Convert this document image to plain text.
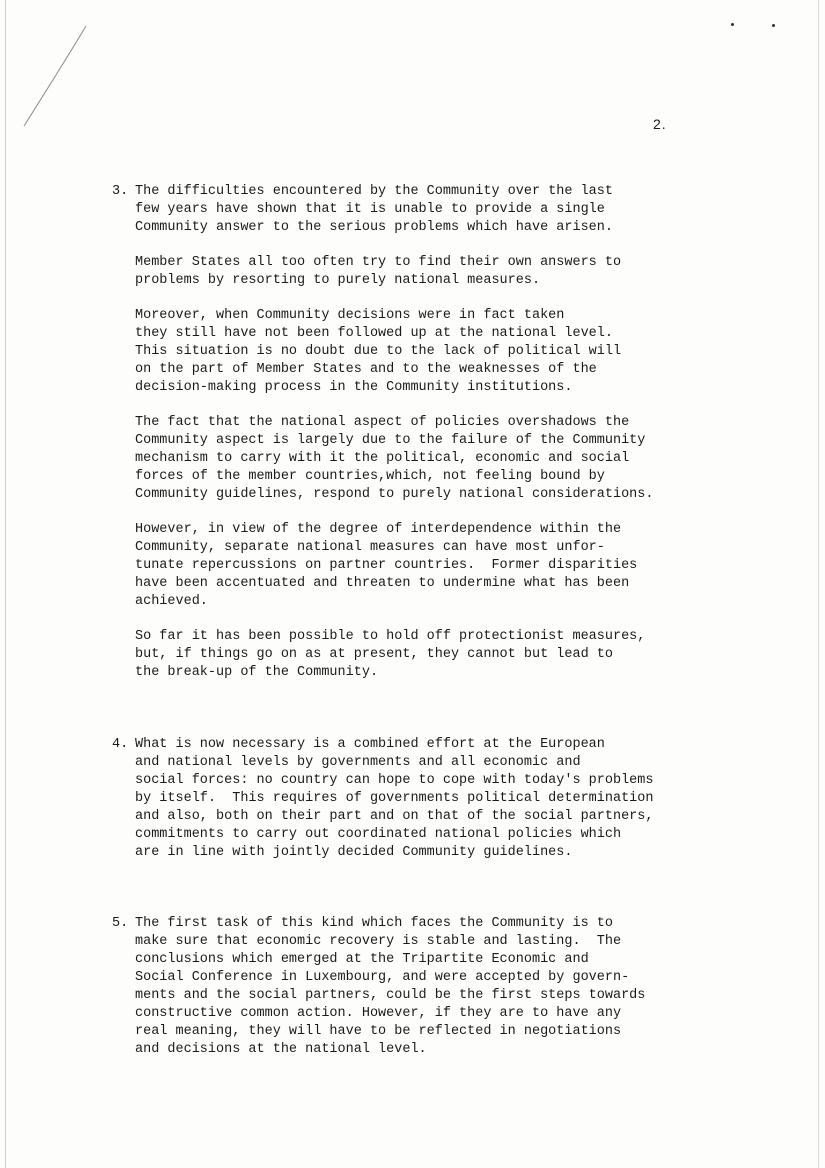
2.
3. The difficulties encountered by the Community over the last
few years have shown that it is unable to provide a single
Community answer to the serious problems which have arisen.
Member States all too often try to find their own answers to
problems by resorting to purely national measures.
Moreover, when Community decisions were in fact taken
they still have not been followed up at the national level.
This situation is no doubt due to the lack of political will
on the part of Member States and to the weaknesses of the
decision-making process in the Community institutions.
The fact that the national aspect of policies overshadows the
Community aspect is largely due to the failure of the Community
mechanism to carry with it the political, economic and social
forces of the member countries,which, not feeling bound by
Community guidelines, respond to purely national considerations.
However, in view of the degree of interdependence within the
Community, separate national measures can have most unfor-
tunate repercussions on partner countries.  Former disparities
have been accentuated and threaten to undermine what has been
achieved.
So far it has been possible to hold off protectionist measures,
but, if things go on as at present, they cannot but lead to
the break-up of the Community.
4. What is now necessary is a combined effort at the European
and national levels by governments and all economic and
social forces: no country can hope to cope with today's problems
by itself.  This requires of governments political determination
and also, both on their part and on that of the social partners,
commitments to carry out coordinated national policies which
are in line with jointly decided Community guidelines.
5. The first task of this kind which faces the Community is to
make sure that economic recovery is stable and lasting.  The
conclusions which emerged at the Tripartite Economic and
Social Conference in Luxembourg, and were accepted by govern-
ments and the social partners, could be the first steps towards
constructive common action. However, if they are to have any
real meaning, they will have to be reflected in negotiations
and decisions at the national level.
